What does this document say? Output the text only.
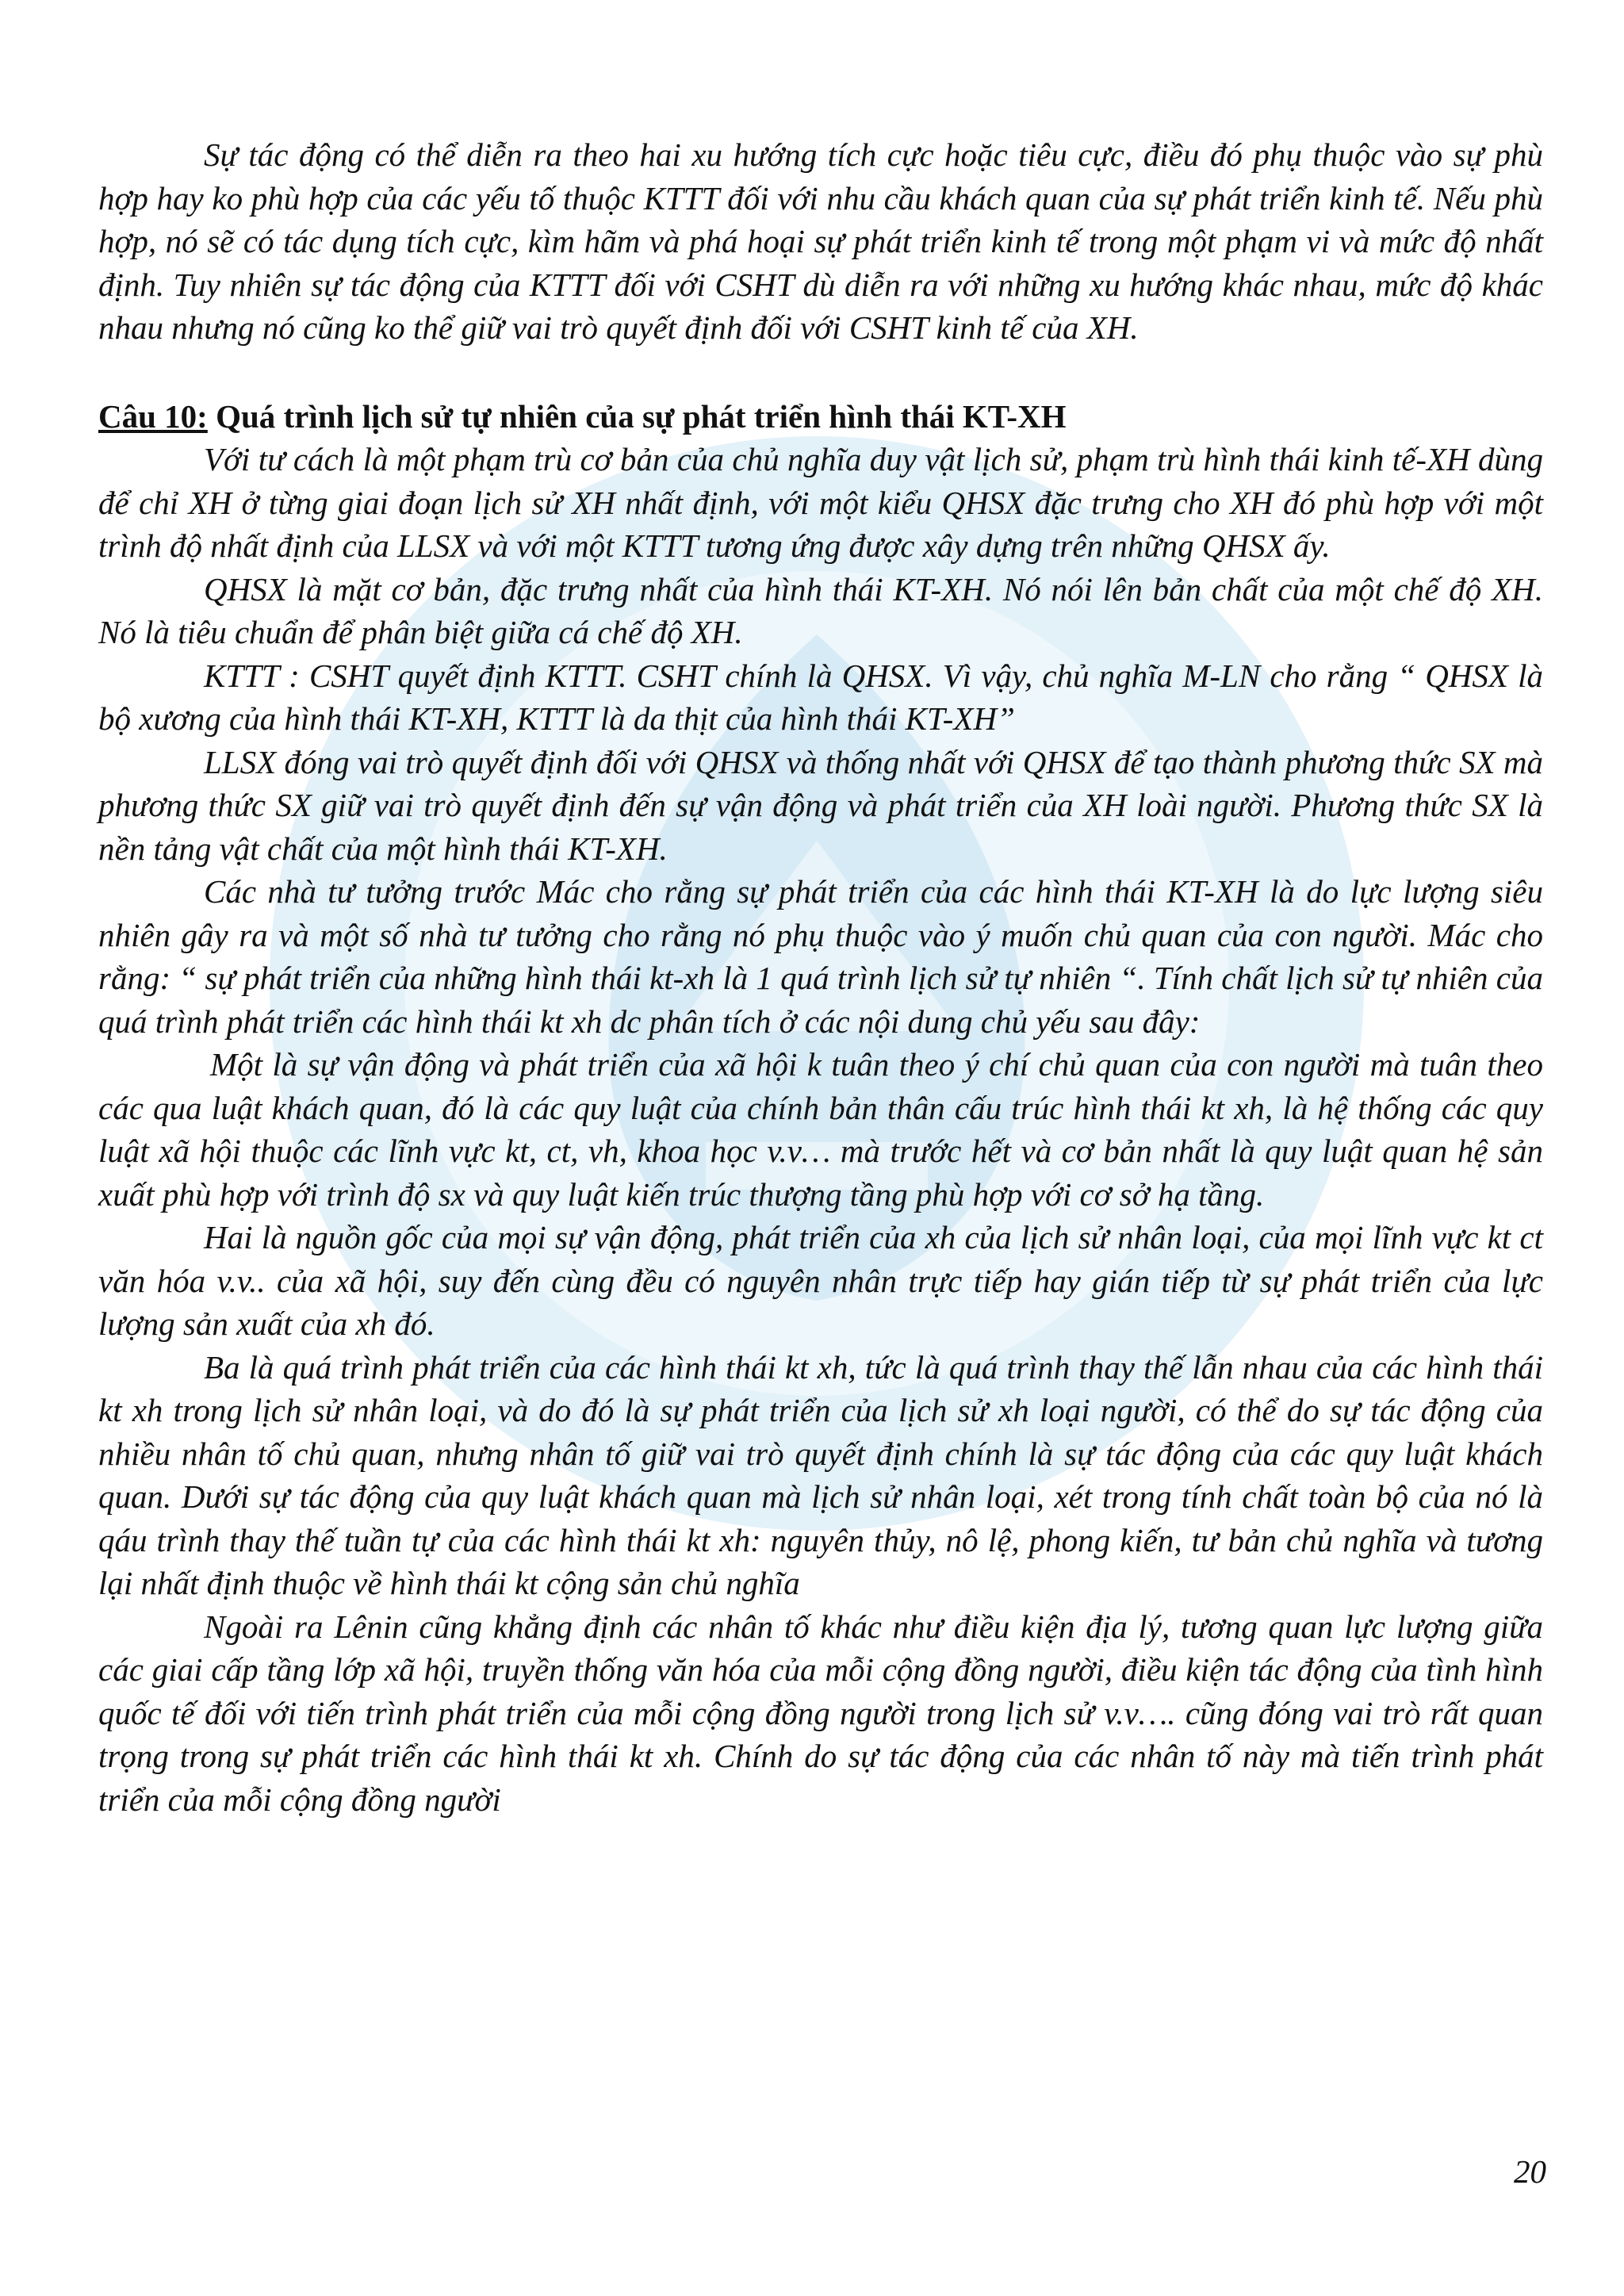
Sự tác động có thể diễn ra theo hai xu hướng tích cực hoặc tiêu cực, điều đó phụ thuộc vào sự phù hợp hay ko phù hợp của các yếu tố thuộc KTTT đối với nhu cầu khách quan của sự phát triển kinh tế. Nếu phù hợp, nó sẽ có tác dụng tích cực, kìm hãm và phá hoại sự phát triển kinh tế trong một phạm vi và mức độ nhất định. Tuy nhiên sự tác động của KTTT đối với CSHT dù diễn ra với những xu hướng khác nhau, mức độ khác nhau nhưng nó cũng ko thể giữ vai trò quyết định đối với CSHT kinh tế của XH.

Câu 10: Quá trình lịch sử tự nhiên của sự phát triển hình thái KT-XH

Với tư cách là một phạm trù cơ bản của chủ nghĩa duy vật lịch sử, phạm trù hình thái kinh tế-XH dùng để chỉ XH ở từng giai đoạn lịch sử XH nhất định, với một kiểu QHSX đặc trưng cho XH đó phù hợp với một trình độ nhất định của LLSX và với một KTTT tương ứng được xây dựng trên những QHSX ấy.

QHSX là mặt cơ bản, đặc trưng nhất của hình thái KT-XH. Nó nói lên bản chất của một chế độ XH. Nó là tiêu chuẩn để phân biệt giữa cá chế độ XH.

KTTT : CSHT quyết định KTTT. CSHT chính là QHSX. Vì vậy, chủ nghĩa M-LN cho rằng “ QHSX là bộ xương của hình thái KT-XH, KTTT là da thịt của hình thái KT-XH”

LLSX đóng vai trò quyết định đối với QHSX và thống nhất với QHSX để tạo thành phương thức SX mà phương thức SX giữ vai trò quyết định đến sự vận động và phát triển của XH loài người. Phương thức SX là nền tảng vật chất của một hình thái KT-XH.

Các nhà tư tưởng trước Mác cho rằng sự phát triển của các hình thái KT-XH là do lực lượng siêu nhiên gây ra và một số nhà tư tưởng cho rằng nó phụ thuộc vào ý muốn chủ quan của con người. Mác cho rằng: “ sự phát triển của những hình thái kt-xh là 1 quá trình lịch sử tự nhiên “. Tính chất lịch sử tự nhiên của quá trình phát triển các hình thái kt xh dc phân tích ở các nội dung chủ yếu sau đây:

Một là sự vận động và phát triển của xã hội k tuân theo ý chí chủ quan của con người mà tuân theo các qua luật khách quan, đó là các quy luật của chính bản thân cấu trúc hình thái kt xh, là hệ thống các quy luật xã hội thuộc các lĩnh vực kt, ct, vh, khoa học v.v… mà trước hết và cơ bản nhất là quy luật quan hệ sản xuất phù hợp với trình độ sx và quy luật kiến trúc thượng tầng phù hợp với cơ sở hạ tầng.

Hai là nguồn gốc của mọi sự vận động, phát triển của xh của lịch sử nhân loại, của mọi lĩnh vực kt ct văn hóa v.v.. của xã hội, suy đến cùng đều có nguyên nhân trực tiếp hay gián tiếp từ sự phát triển của lực lượng sản xuất của xh đó.

Ba là quá trình phát triển của các hình thái kt xh, tức là quá trình thay thế lẫn nhau của các hình thái kt xh trong lịch sử nhân loại, và do đó là sự phát triển của lịch sử xh loại người, có thể do sự tác động của nhiều nhân tố chủ quan, nhưng nhân tố giữ vai trò quyết định chính là sự tác động của các quy luật khách quan. Dưới sự tác động của quy luật khách quan mà lịch sử nhân loại, xét trong tính chất toàn bộ của nó là qáu trình thay thế tuần tự của các hình thái kt xh: nguyên thủy, nô lệ, phong kiến, tư bản chủ nghĩa và tương lại nhất định thuộc về hình thái kt cộng sản chủ nghĩa

Ngoài ra Lênin cũng khẳng định các nhân tố khác như điều kiện địa lý, tương quan lực lượng giữa các giai cấp tầng lớp xã hội, truyền thống văn hóa của mỗi cộng đồng người, điều kiện tác động của tình hình quốc tế đối với tiến trình phát triển của mỗi cộng đồng người trong lịch sử v.v…. cũng đóng vai trò rất quan trọng trong sự phát triển các hình thái kt xh. Chính do sự tác động của các nhân tố này mà tiến trình phát triển của mỗi cộng đồng người

20
